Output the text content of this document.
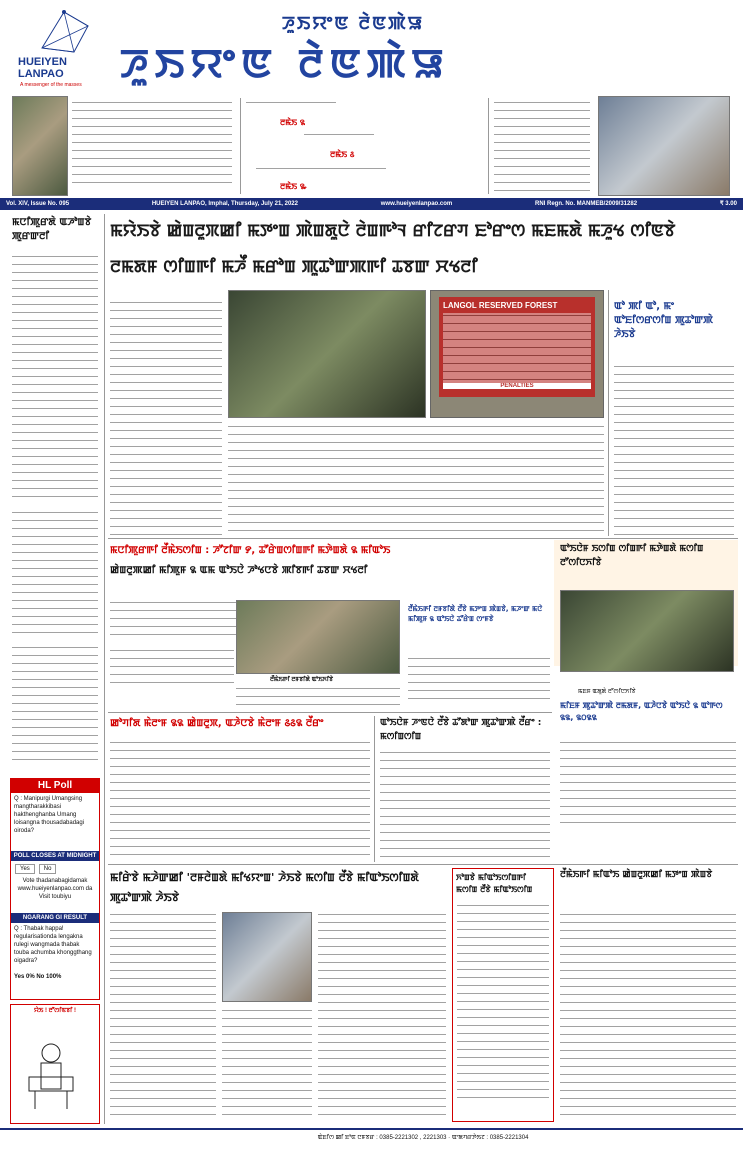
HUEIYEN
LANPAO
A messenger of the masses
ꯍꯨꯏꯌꯦꯟ ꯂꯥꯟꯄꯥꯎ
ꯍꯨꯏꯌꯦꯟ ꯂꯥꯟꯄꯥꯎ
ꯂꯃꯥꯏ ꯲
ꯂꯃꯥꯏ ꯴
ꯂꯃꯥꯏ ꯳
Vol. XIV, Issue No. 095	HUEIYEN LANPAO, Imphal, Thursday, July 21, 2022	www.hueiyenlanpao.com	RNI Regn. No. MANMEB/2009/31282	₹ 3.00
ꯃꯅꯤꯄꯨꯔꯗꯥ ꯑꯍꯣꯡꯕꯥ ꯄꯨꯔꯛꯂꯤ
HL Poll
Q : Manipurgi Umangsing mangtharakkibasi hakthenghanba Umang loisangna thousadabadagi oiroda?
POLL CLOSES AT MIDNIGHT
Yes	No
Vote thadanabagidamak www.hueiyenlanpao.com da Visit toubiyu
NGARANG GI RESULT
Q : Thabak happa! regularisationda lengakna rulegi wangmada thabak touba achumba khonggthang oigadra?
Yes 0% No 100%
ꯌꯥꯏ ! ꯂꯧꯁꯤꯟꯕꯤ !
ꯃꯌꯥꯏꯕꯥ ꯀꯥꯡꯂꯨꯞꯀꯤ ꯃꯇꯦꯡ ꯄꯥꯡꯗꯨꯅꯥ ꯂꯥꯡꯒꯣꯜ ꯔꯤꯖꯔꯚ ꯐꯣꯔꯦꯁ ꯃꯐꯃꯗꯥ ꯃꯍꯨꯠ ꯁꯤꯟꯕꯥ
ꯂꯃꯗꯝ ꯁꯤꯡꯒꯤ ꯃꯍꯩ ꯃꯔꯣꯡ ꯄꯨꯊꯣꯛꯄꯒꯤ ꯊꯕꯛ ꯆꯠꯂꯤ
LANGOL RESERVED FOREST
PENALTIES
ꯑꯣ ꯄꯤ ꯑꯣ, ꯃꯦ ꯑꯣꯐꯤꯁꯔꯁꯤꯡ ꯄꯨꯊꯣꯛꯄꯥ ꯍꯥꯏꯕꯥ
ꯃꯅꯤꯄꯨꯔꯒꯤ ꯂꯩꯃꯥꯏꯁꯤꯡ : ꯍꯧꯖꯤꯛ ꯸, ꯊꯧꯔꯥꯡꯁꯤꯡꯒꯤ ꯃꯇꯥꯡꯗꯥ ꯲ ꯃꯤꯑꯣꯏ
ꯀꯥꯡꯂꯨꯄꯀꯤ ꯃꯤꯄꯨꯝ ꯲ ꯑꯃ ꯑꯣꯏꯅꯥ ꯍꯣꯠꯅꯕꯥ ꯄꯤꯕꯒꯤ ꯊꯕꯛ ꯆꯠꯂꯤ
ꯂꯩꯃꯥꯏꯒꯤ ꯂꯝꯕꯤꯗꯥ ꯑꯣꯏꯈꯤꯕꯥ
ꯂꯩꯃꯥꯏꯒꯤ ꯂꯝꯕꯤꯗꯥ ꯂꯩꯕꯥ ꯃꯇꯦꯡ ꯄꯥꯡꯕꯥ, ꯃꯍꯦꯛ ꯃꯅꯥ ꯃꯤꯄꯨꯝ ꯲ ꯑꯣꯏꯅꯥ ꯊꯧꯔꯥꯡ ꯁꯦꯝꯕꯥ
ꯑꯣꯏꯅꯥꯝ ꯏꯁꯤꯡ ꯁꯤꯡꯒꯤ ꯃꯇꯥꯡꯗꯥ ꯃꯁꯤꯡ ꯂꯧꯁꯤꯅꯈꯤꯕꯥ
ꯃꯐꯝ ꯑꯗꯨꯗꯥ ꯂꯧꯁꯤꯅꯈꯤꯕꯥ
ꯃꯤꯐꯝ ꯄꯨꯊꯣꯛꯄꯥ ꯂꯃꯗꯝ, ꯑꯍꯥꯅꯕꯥ ꯑꯣꯏꯅꯥ ꯲ ꯑꯣꯒꯁ ꯲꯲, ꯲꯰꯲꯲
ꯀꯣꯚꯤꯗ ꯃꯥꯂꯦꯝ ꯲꯲ ꯀꯥꯡꯂꯨꯞ, ꯑꯍꯥꯅꯕꯥ ꯃꯥꯂꯦꯝ ꯴꯴꯲ ꯂꯩꯔꯦ	ꯑꯣꯏꯅꯥꯝ ꯍꯦꯟꯅꯥ ꯂꯩꯕꯥ ꯊꯧꯗꯣꯛ ꯄꯨꯊꯣꯛꯄꯥ ꯂꯩꯔꯦ : ꯃꯁꯤꯡꯁꯤꯡ
ꯃꯤꯔꯥꯕꯥ ꯃꯍꯥꯛꯀꯤ 'ꯂꯝꯂꯥꯡꯗꯥ ꯃꯤꯠꯌꯦꯡ' ꯍꯥꯏꯕꯥ ꯃꯁꯤꯡ ꯂꯩꯕꯥ ꯃꯤꯑꯣꯏꯁꯤꯡꯗꯥ ꯄꯨꯊꯣꯛꯄꯥ ꯍꯥꯏꯕꯥ
ꯈꯣꯡꯕꯥ ꯃꯤꯑꯣꯏꯁꯤꯡꯒꯤ ꯃꯁꯤꯡ ꯂꯩꯕꯥ ꯃꯤꯑꯣꯏꯁꯤꯡ
ꯂꯩꯃꯥꯏꯒꯤ ꯃꯤꯑꯣꯏ ꯀꯥꯡꯂꯨꯞꯀꯤ ꯃꯇꯦꯡ ꯄꯥꯡꯕꯥ
ꯑꯥꯐꯤꯁ ꯀꯤ ꯐꯣꯟ ꯅꯝꯕꯔ : 0385-2221302 , 2221303 · ꯑꯦꯗꯚꯔꯇꯥꯏꯖ : 0385-2221304
